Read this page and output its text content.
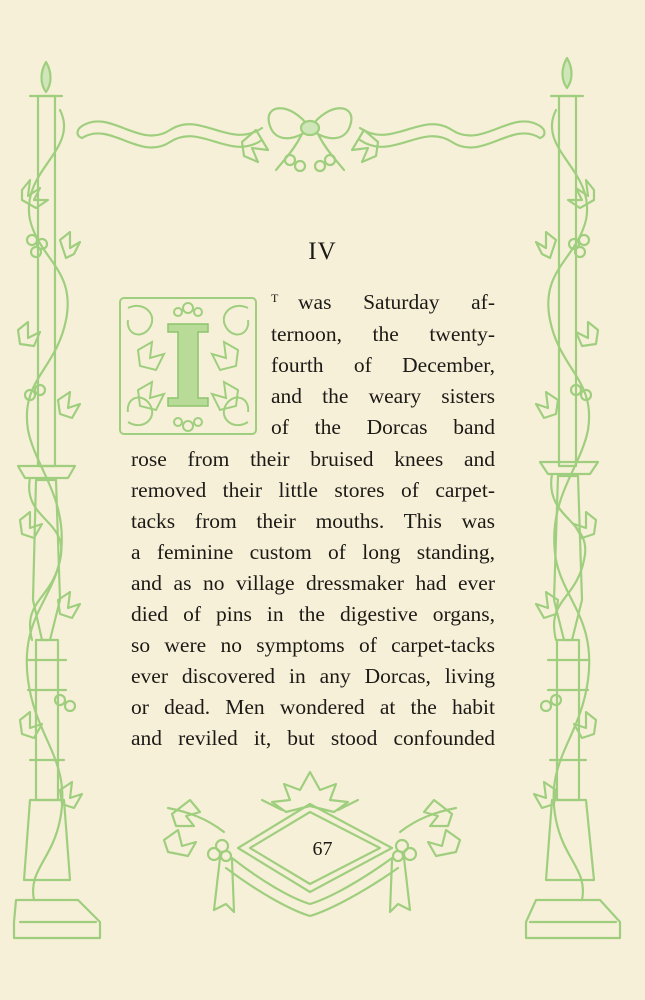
IV
t was Saturday af-
ternoon, the twenty-
fourth of December,
and the weary sisters
of the Dorcas band
rose from their bruised knees and
removed their little stores of carpet-
tacks from their mouths. This was
a feminine custom of long standing,
and as no village dressmaker had ever
died of pins in the digestive organs,
so were no symptoms of carpet-tacks
ever discovered in any Dorcas, living
or dead. Men wondered at the habit
and reviled it, but stood confounded
67
